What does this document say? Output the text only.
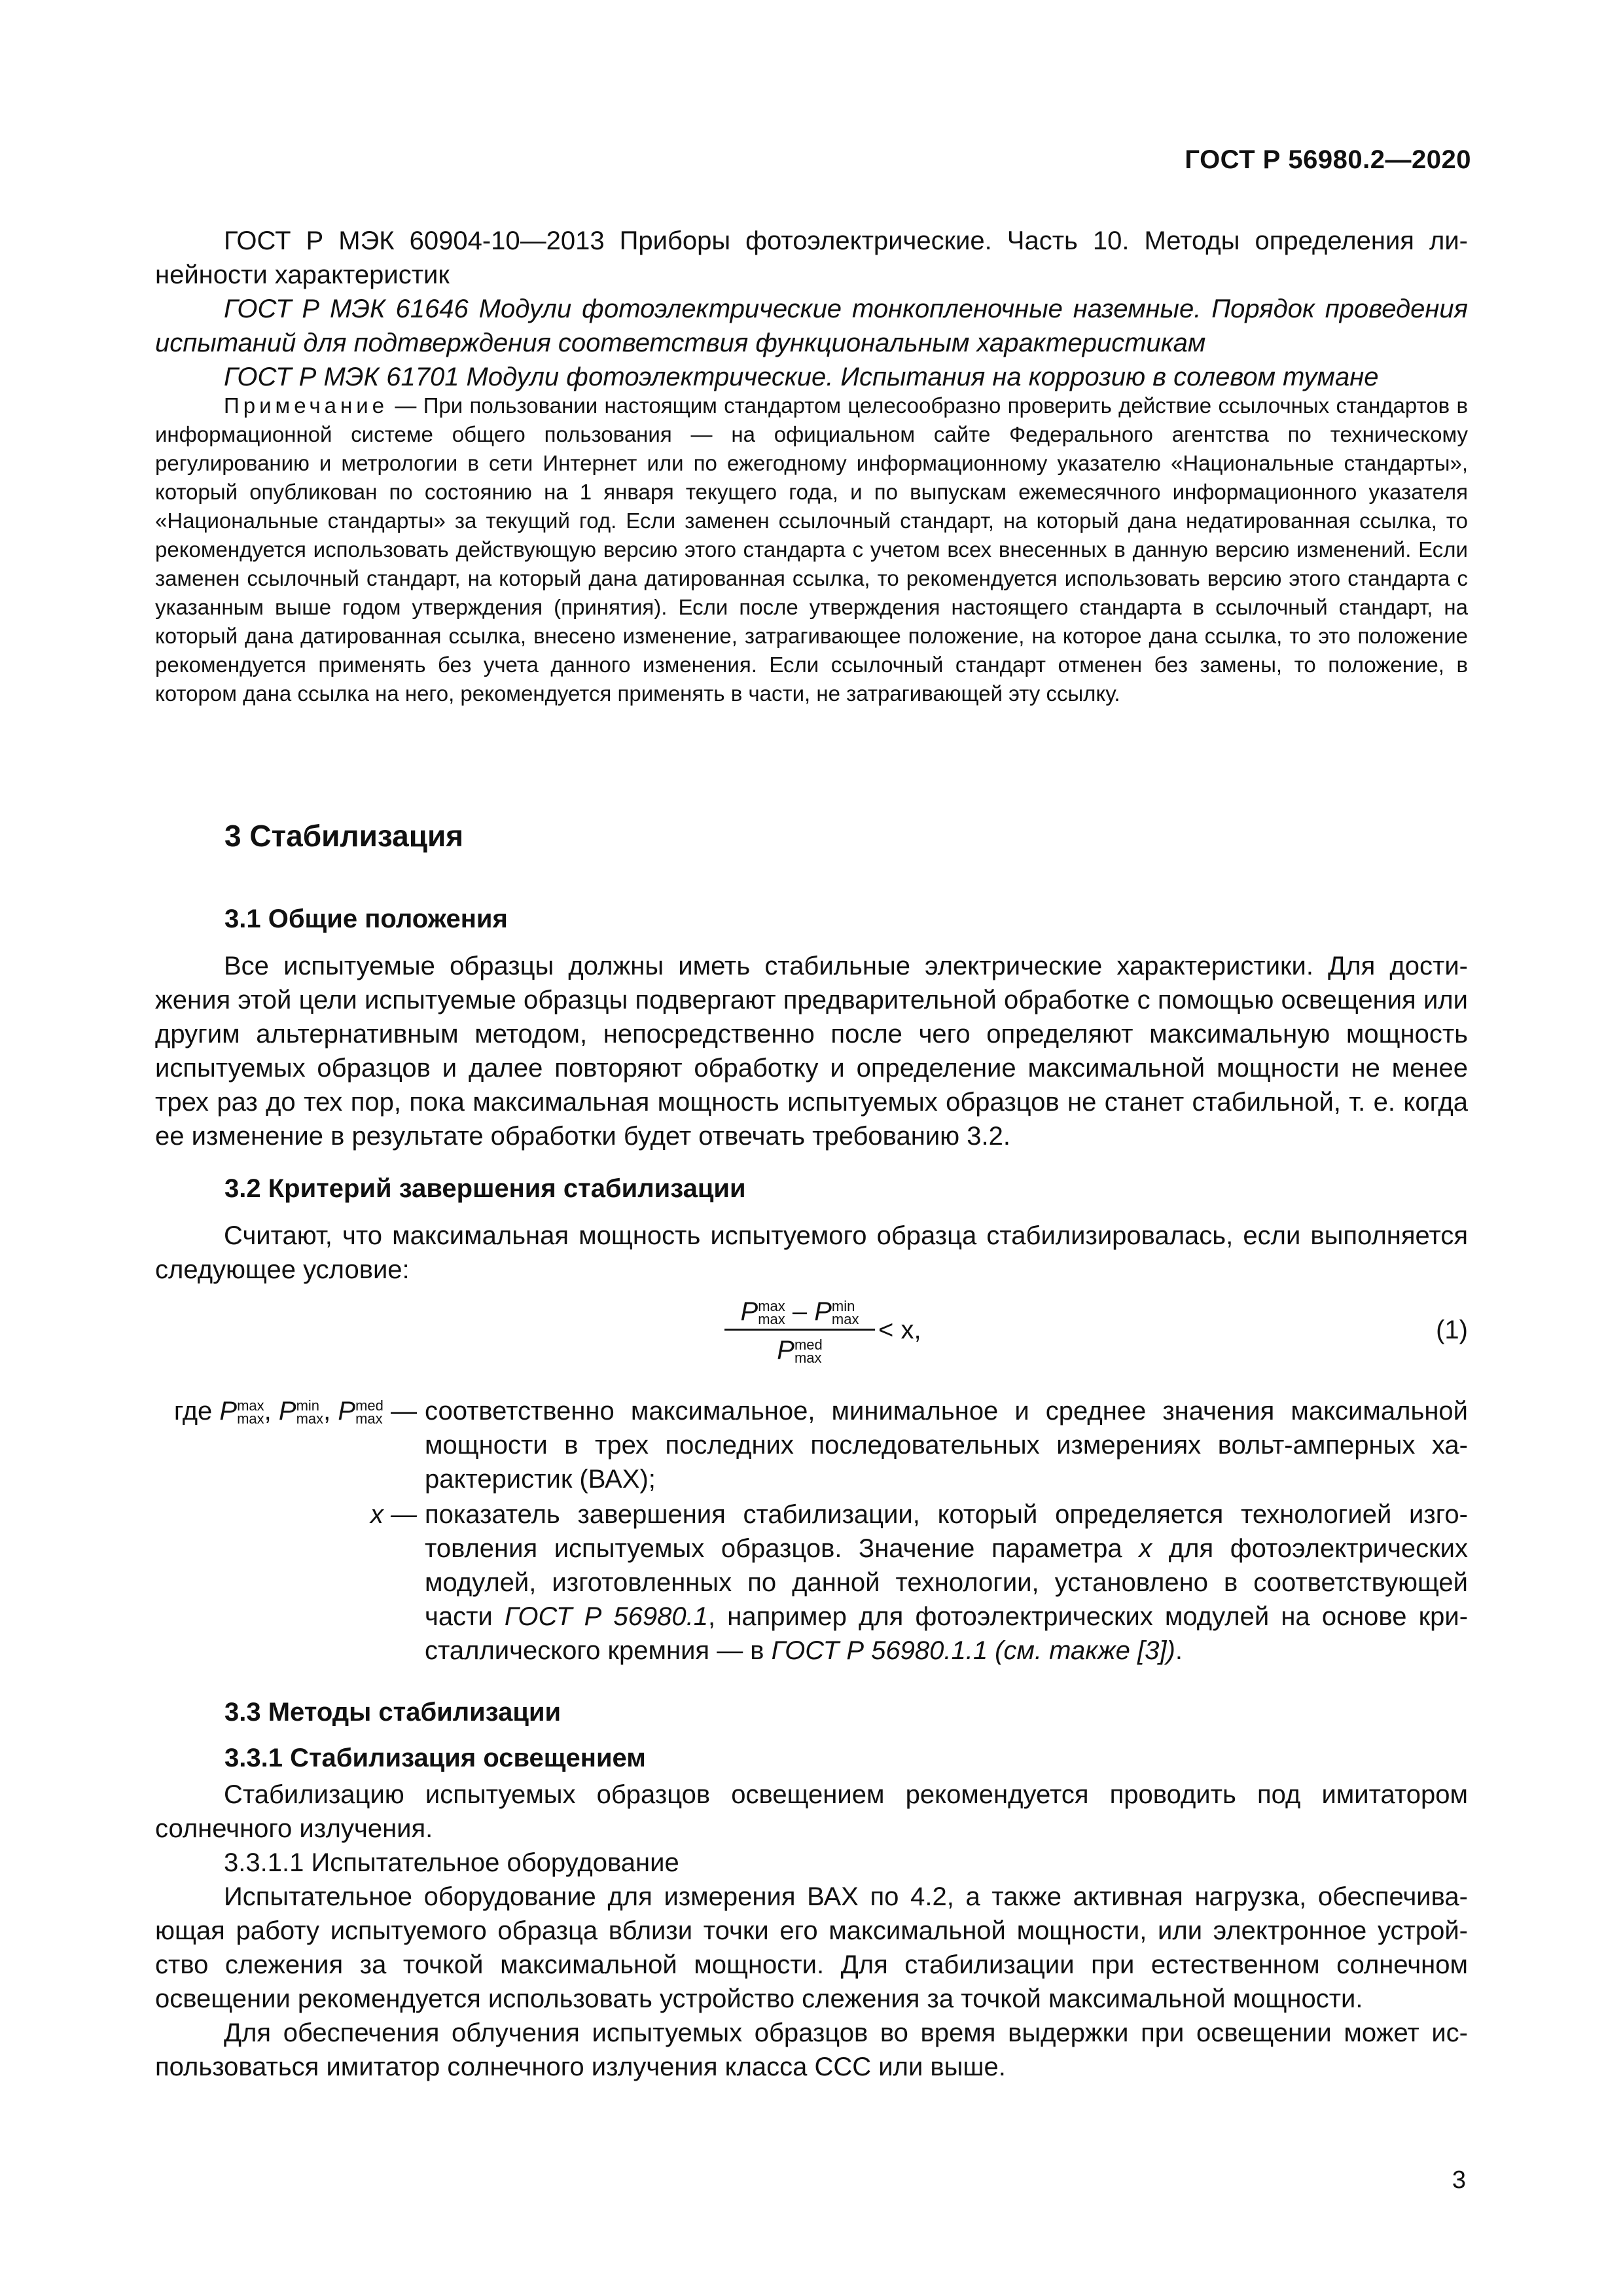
ГОСТ Р 56980.2—2020

ГОСТ Р МЭК 60904-10—2013 Приборы фотоэлектрические. Часть 10. Методы определения линейности характеристик

ГОСТ Р МЭК 61646 Модули фотоэлектрические тонкопленочные наземные. Порядок проведения испытаний для подтверждения соответствия функциональным характеристикам

ГОСТ Р МЭК 61701 Модули фотоэлектрические. Испытания на коррозию в солевом тумане

Примечание — При пользовании настоящим стандартом целесообразно проверить действие ссылочных стандартов в информационной системе общего пользования — на официальном сайте Федерального агентства по техническому регулированию и метрологии в сети Интернет или по ежегодному информационному указателю «Национальные стандарты», который опубликован по состоянию на 1 января текущего года, и по выпускам ежемесячного информационного указателя «Национальные стандарты» за текущий год. Если заменен ссылочный стандарт, на который дана недатированная ссылка, то рекомендуется использовать действующую версию этого стандарта с учетом всех внесенных в данную версию изменений. Если заменен ссылочный стандарт, на который дана датированная ссылка, то рекомендуется использовать версию этого стандарта с указанным выше годом утверждения (принятия). Если после утверждения настоящего стандарта в ссылочный стандарт, на который дана датированная ссылка, внесено изменение, затрагивающее положение, на которое дана ссылка, то это положение рекомендуется применять без учета данного изменения. Если ссылочный стандарт отменен без замены, то положение, в котором дана ссылка на него, рекомендуется применять в части, не затрагивающей эту ссылку.

3 Стабилизация

3.1 Общие положения

Все испытуемые образцы должны иметь стабильные электрические характеристики. Для достижения этой цели испытуемые образцы подвергают предварительной обработке с помощью освещения или другим альтернативным методом, непосредственно после чего определяют максимальную мощность испытуемых образцов и далее повторяют обработку и определение максимальной мощности не менее трех раз до тех пор, пока максимальная мощность испытуемых образцов не станет стабильной, т. е. когда ее изменение в результате обработки будет отвечать требованию 3.2.

3.2 Критерий завершения стабилизации

Считают, что максимальная мощность испытуемого образца стабилизировалась, если выполняется следующее условие:

Pmax
max – Pmin
max
Pmed
max
< x,	(1)
где Pmax
max, Pmin
max, Pmed
max — соответственно максимальное, минимальное и среднее значения максимальной мощности в трех последних последовательных измерениях вольт-амперных характеристик (ВАХ);
x — показатель завершения стабилизации, который определяется технологией изготовления испытуемых образцов. Значение параметра x для фотоэлектрических модулей, изготовленных по данной технологии, установлено в соответствующей части ГОСТ Р 56980.1, например для фотоэлектрических модулей на основе кристаллического кремния — в ГОСТ Р 56980.1.1 (см. также [3]).

3.3 Методы стабилизации

3.3.1 Стабилизация освещением

Стабилизацию испытуемых образцов освещением рекомендуется проводить под имитатором солнечного излучения.

3.3.1.1 Испытательное оборудование

Испытательное оборудование для измерения ВАХ по 4.2, а также активная нагрузка, обеспечивающая работу испытуемого образца вблизи точки его максимальной мощности, или электронное устройство слежения за точкой максимальной мощности. Для стабилизации при естественном солнечном освещении рекомендуется использовать устройство слежения за точкой максимальной мощности.

Для обеспечения облучения испытуемых образцов во время выдержки при освещении может использоваться имитатор солнечного излучения класса ССС или выше.

3
